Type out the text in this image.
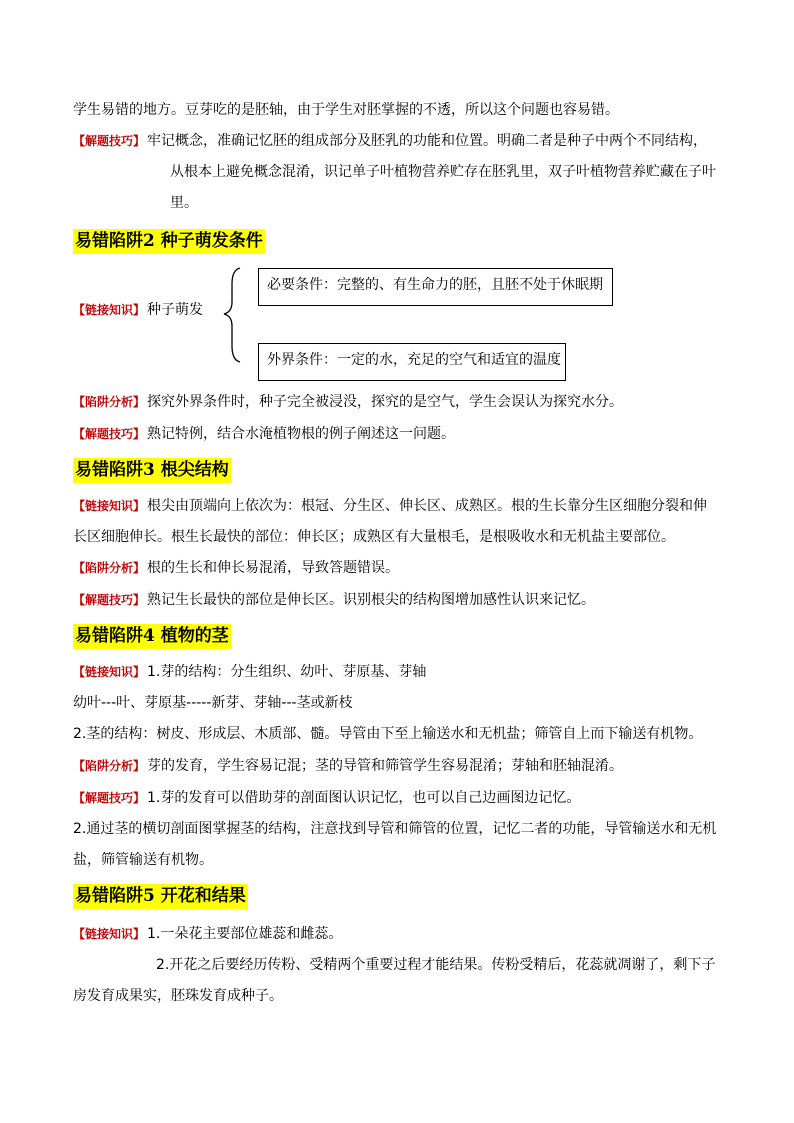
学生易错的地方。豆芽吃的是胚轴，由于学生对胚掌握的不透，所以这个问题也容易错。
【解题技巧】 牢记概念，准确记忆胚的组成部分及胚乳的功能和位置。明确二者是种子中两个不同结构，
从根本上避免概念混淆，识记单子叶植物营养贮存在胚乳里，双子叶植物营养贮藏在子叶
里。
易错陷阱2 种子萌发条件
必要条件：完整的、有生命力的胚，且胚不处于休眠期
外界条件：一定的水，充足的空气和适宜的温度
【链接知识】 种子萌发
【陷阱分析】 探究外界条件时，种子完全被浸没，探究的是空气，学生会误认为探究水分。
【解题技巧】 熟记特例，结合水淹植物根的例子阐述这一问题。
易错陷阱3 根尖结构
【链接知识】 根尖由顶端向上依次为：根冠、分生区、伸长区、成熟区。根的生长靠分生区细胞分裂和伸
长区细胞伸长。根生长最快的部位：伸长区；成熟区有大量根毛，是根吸收水和无机盐主要部位。
【陷阱分析】 根的生长和伸长易混淆，导致答题错误。
【解题技巧】 熟记生长最快的部位是伸长区。识别根尖的结构图增加感性认识来记忆。
易错陷阱4 植物的茎
【链接知识】 1.芽的结构：分生组织、幼叶、芽原基、芽轴
幼叶---叶、芽原基-----新芽、芽轴---茎或新枝
2.茎的结构：树皮、形成层、木质部、髓。导管由下至上输送水和无机盐；筛管自上而下输送有机物。
【陷阱分析】 芽的发育，学生容易记混；茎的导管和筛管学生容易混淆；芽轴和胚轴混淆。
【解题技巧】 1.芽的发育可以借助芽的剖面图认识记忆，也可以自己边画图边记忆。
2.通过茎的横切剖面图掌握茎的结构，注意找到导管和筛管的位置，记忆二者的功能，导管输送水和无机
盐，筛管输送有机物。
易错陷阱5 开花和结果
【链接知识】 1.一朵花主要部位雄蕊和雌蕊。
2.开花之后要经历传粉、受精两个重要过程才能结果。传粉受精后，花蕊就凋谢了，剩下子
房发育成果实，胚珠发育成种子。
